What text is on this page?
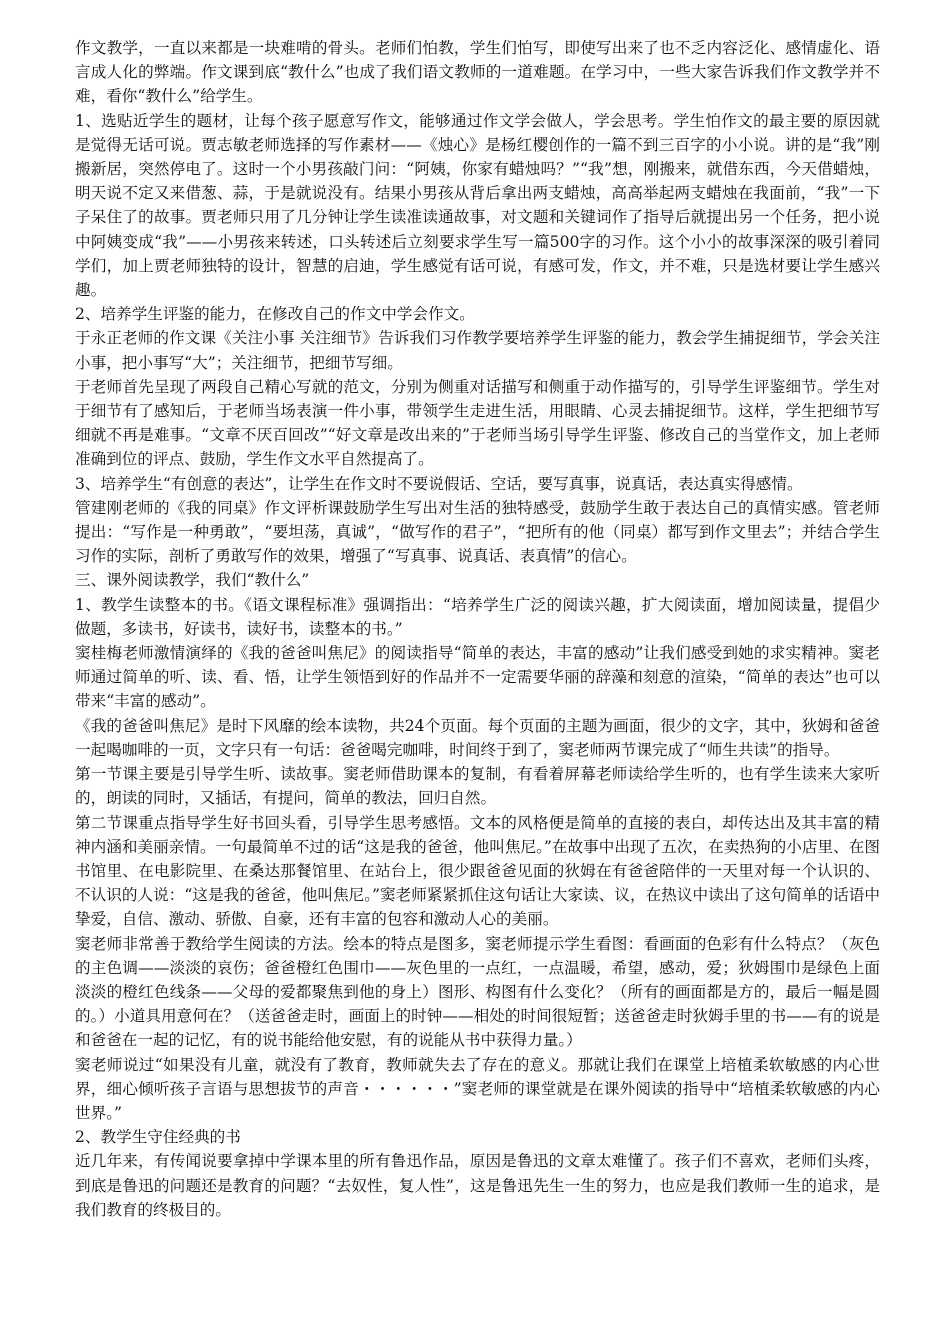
作文教学，一直以来都是一块难啃的骨头。老师们怕教，学生们怕写，即使写出来了也不乏内容泛化、感情虚化、语言成人化的弊端。作文课到底“教什么”也成了我们语文教师的一道难题。在学习中，一些大家告诉我们作文教学并不难，看你“教什么”给学生。

1、选贴近学生的题材，让每个孩子愿意写作文，能够通过作文学会做人，学会思考。学生怕作文的最主要的原因就是觉得无话可说。贾志敏老师选择的写作素材——《烛心》是杨红樱创作的一篇不到三百字的小小说。讲的是“我”刚搬新居，突然停电了。这时一个小男孩敲门问：“阿姨，你家有蜡烛吗？”“我”想，刚搬来，就借东西，今天借蜡烛，明天说不定又来借葱、蒜，于是就说没有。结果小男孩从背后拿出两支蜡烛，高高举起两支蜡烛在我面前，“我”一下子呆住了的故事。贾老师只用了几分钟让学生读准读通故事，对文题和关键词作了指导后就提出另一个任务，把小说中阿姨变成“我”——小男孩来转述，口头转述后立刻要求学生写一篇500字的习作。这个小小的故事深深的吸引着同学们，加上贾老师独特的设计，智慧的启迪，学生感觉有话可说，有感可发，作文，并不难，只是选材要让学生感兴趣。

2、培养学生评鉴的能力，在修改自己的作文中学会作文。

于永正老师的作文课《关注小事 关注细节》告诉我们习作教学要培养学生评鉴的能力，教会学生捕捉细节，学会关注小事，把小事写“大”；关注细节，把细节写细。

于老师首先呈现了两段自己精心写就的范文，分别为侧重对话描写和侧重于动作描写的，引导学生评鉴细节。学生对于细节有了感知后，于老师当场表演一件小事，带领学生走进生活，用眼睛、心灵去捕捉细节。这样，学生把细节写细就不再是难事。“文章不厌百回改”“好文章是改出来的”于老师当场引导学生评鉴、修改自己的当堂作文，加上老师准确到位的评点、鼓励，学生作文水平自然提高了。

3、培养学生“有创意的表达”，让学生在作文时不要说假话、空话，要写真事，说真话，表达真实得感情。

管建刚老师的《我的同桌》作文评析课鼓励学生写出对生活的独特感受，鼓励学生敢于表达自己的真情实感。管老师提出：“写作是一种勇敢”，“要坦荡，真诚”，“做写作的君子”，“把所有的他（同桌）都写到作文里去”；并结合学生习作的实际，剖析了勇敢写作的效果，增强了“写真事、说真话、表真情”的信心。

三、课外阅读教学，我们“教什么”

1、教学生读整本的书。《语文课程标准》强调指出：“培养学生广泛的阅读兴趣，扩大阅读面，增加阅读量，提倡少做题，多读书，好读书，读好书，读整本的书。”

窦桂梅老师激情演绎的《我的爸爸叫焦尼》的阅读指导“简单的表达，丰富的感动”让我们感受到她的求实精神。窦老师通过简单的听、读、看、悟，让学生领悟到好的作品并不一定需要华丽的辞藻和刻意的渲染，“简单的表达”也可以带来“丰富的感动”。

《我的爸爸叫焦尼》是时下风靡的绘本读物，共24个页面。每个页面的主题为画面，很少的文字，其中，狄姆和爸爸一起喝咖啡的一页，文字只有一句话：爸爸喝完咖啡，时间终于到了，窦老师两节课完成了“师生共读”的指导。

第一节课主要是引导学生听、读故事。窦老师借助课本的复制，有看着屏幕老师读给学生听的，也有学生读来大家听的，朗读的同时，又插话，有提问，简单的教法，回归自然。

第二节课重点指导学生好书回头看，引导学生思考感悟。文本的风格便是简单的直接的表白，却传达出及其丰富的精神内涵和美丽亲情。一句最简单不过的话“这是我的爸爸，他叫焦尼。”在故事中出现了五次，在卖热狗的小店里、在图书馆里、在电影院里、在桑达那餐馆里、在站台上，很少跟爸爸见面的狄姆在有爸爸陪伴的一天里对每一个认识的、不认识的人说：“这是我的爸爸，他叫焦尼。”窦老师紧紧抓住这句话让大家读、议，在热议中读出了这句简单的话语中挚爱，自信、激动、骄傲、自豪，还有丰富的包容和激动人心的美丽。

窦老师非常善于教给学生阅读的方法。绘本的特点是图多，窦老师提示学生看图：看画面的色彩有什么特点？（灰色的主色调——淡淡的哀伤；爸爸橙红色围巾——灰色里的一点红，一点温暖，希望，感动，爱；狄姆围巾是绿色上面淡淡的橙红色线条——父母的爱都聚焦到他的身上）图形、构图有什么变化？（所有的画面都是方的，最后一幅是圆的。）小道具用意何在？（送爸爸走时，画面上的时钟——相处的时间很短暂；送爸爸走时狄姆手里的书——有的说是和爸爸在一起的记忆，有的说书能给他安慰，有的说能从书中获得力量。）

窦老师说过“如果没有儿童，就没有了教育，教师就失去了存在的意义。那就让我们在课堂上培植柔软敏感的内心世界，细心倾听孩子言语与思想拔节的声音・・・・・・”窦老师的课堂就是在课外阅读的指导中“培植柔软敏感的内心世界。”

2、教学生守住经典的书

近几年来，有传闻说要拿掉中学课本里的所有鲁迅作品，原因是鲁迅的文章太难懂了。孩子们不喜欢，老师们头疼，到底是鲁迅的问题还是教育的问题？“去奴性，复人性”，这是鲁迅先生一生的努力，也应是我们教师一生的追求，是我们教育的终极目的。
